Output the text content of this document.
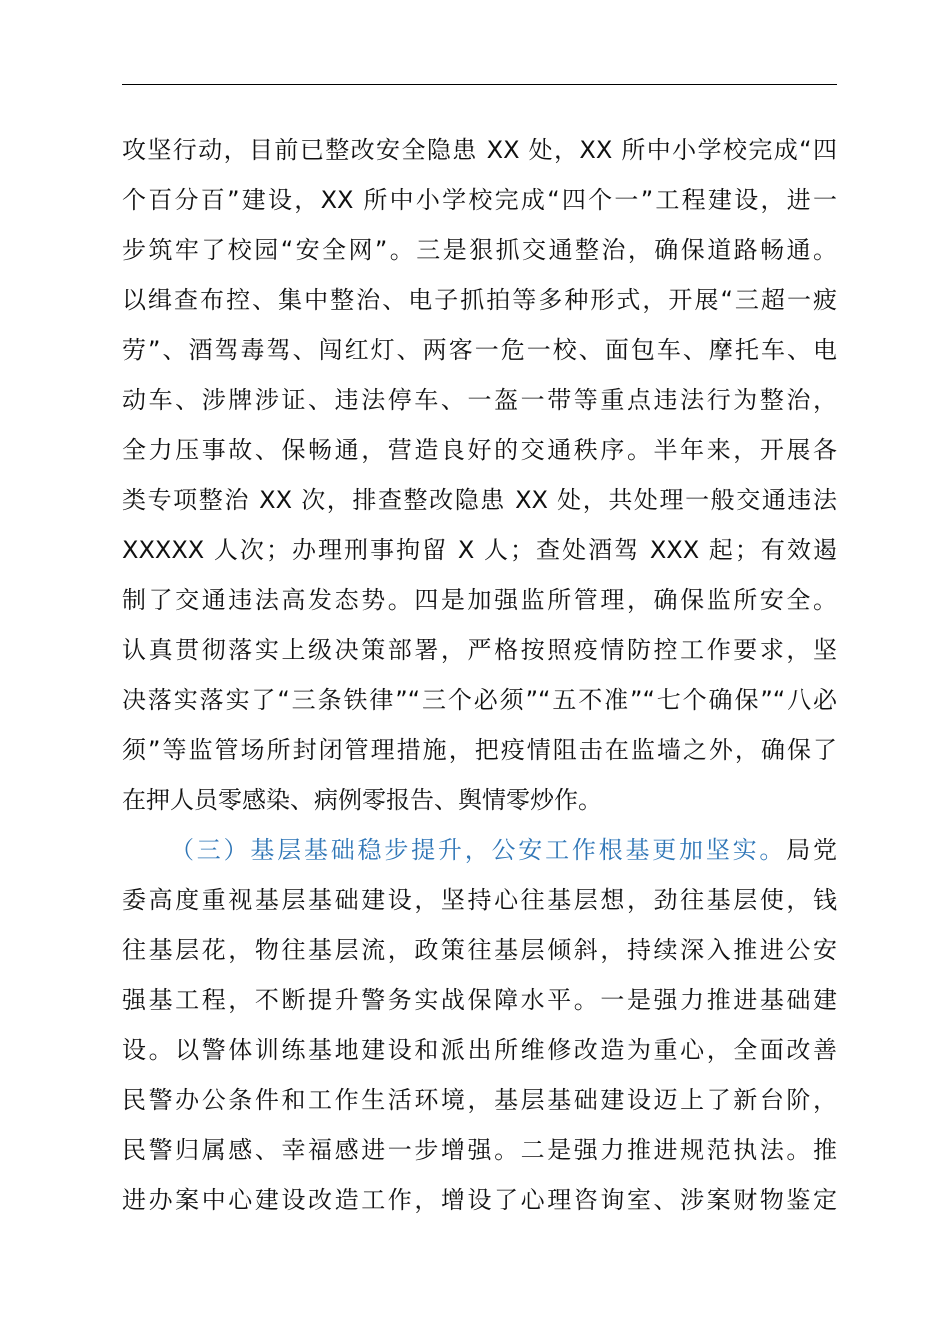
攻坚行动，目前已整改安全隐患 XX 处，XX 所中小学校完成“四
个百分百”建设，XX 所中小学校完成“四个一”工程建设，进一
步筑牢了校园“安全网”。三是狠抓交通整治，确保道路畅通。
以缉查布控、集中整治、电子抓拍等多种形式，开展“三超一疲
劳”、酒驾毒驾、闯红灯、两客一危一校、面包车、摩托车、电
动车、涉牌涉证、违法停车、一盔一带等重点违法行为整治，
全力压事故、保畅通，营造良好的交通秩序。半年来，开展各
类专项整治 XX 次，排查整改隐患 XX 处，共处理一般交通违法
XXXXX 人次；办理刑事拘留 X 人；查处酒驾 XXX 起；有效遏
制了交通违法高发态势。四是加强监所管理，确保监所安全。
认真贯彻落实上级决策部署，严格按照疫情防控工作要求，坚
决落实落实了“三条铁律”“三个必须”“五不准”“七个确保”“八必
须”等监管场所封闭管理措施，把疫情阻击在监墙之外，确保了
在押人员零感染、病例零报告、舆情零炒作。
（三）基层基础稳步提升，公安工作根基更加坚实。局党
委高度重视基层基础建设，坚持心往基层想，劲往基层使，钱
往基层花，物往基层流，政策往基层倾斜，持续深入推进公安
强基工程，不断提升警务实战保障水平。一是强力推进基础建
设。以警体训练基地建设和派出所维修改造为重心，全面改善
民警办公条件和工作生活环境，基层基础建设迈上了新台阶，
民警归属感、幸福感进一步增强。二是强力推进规范执法。推
进办案中心建设改造工作，增设了心理咨询室、涉案财物鉴定
